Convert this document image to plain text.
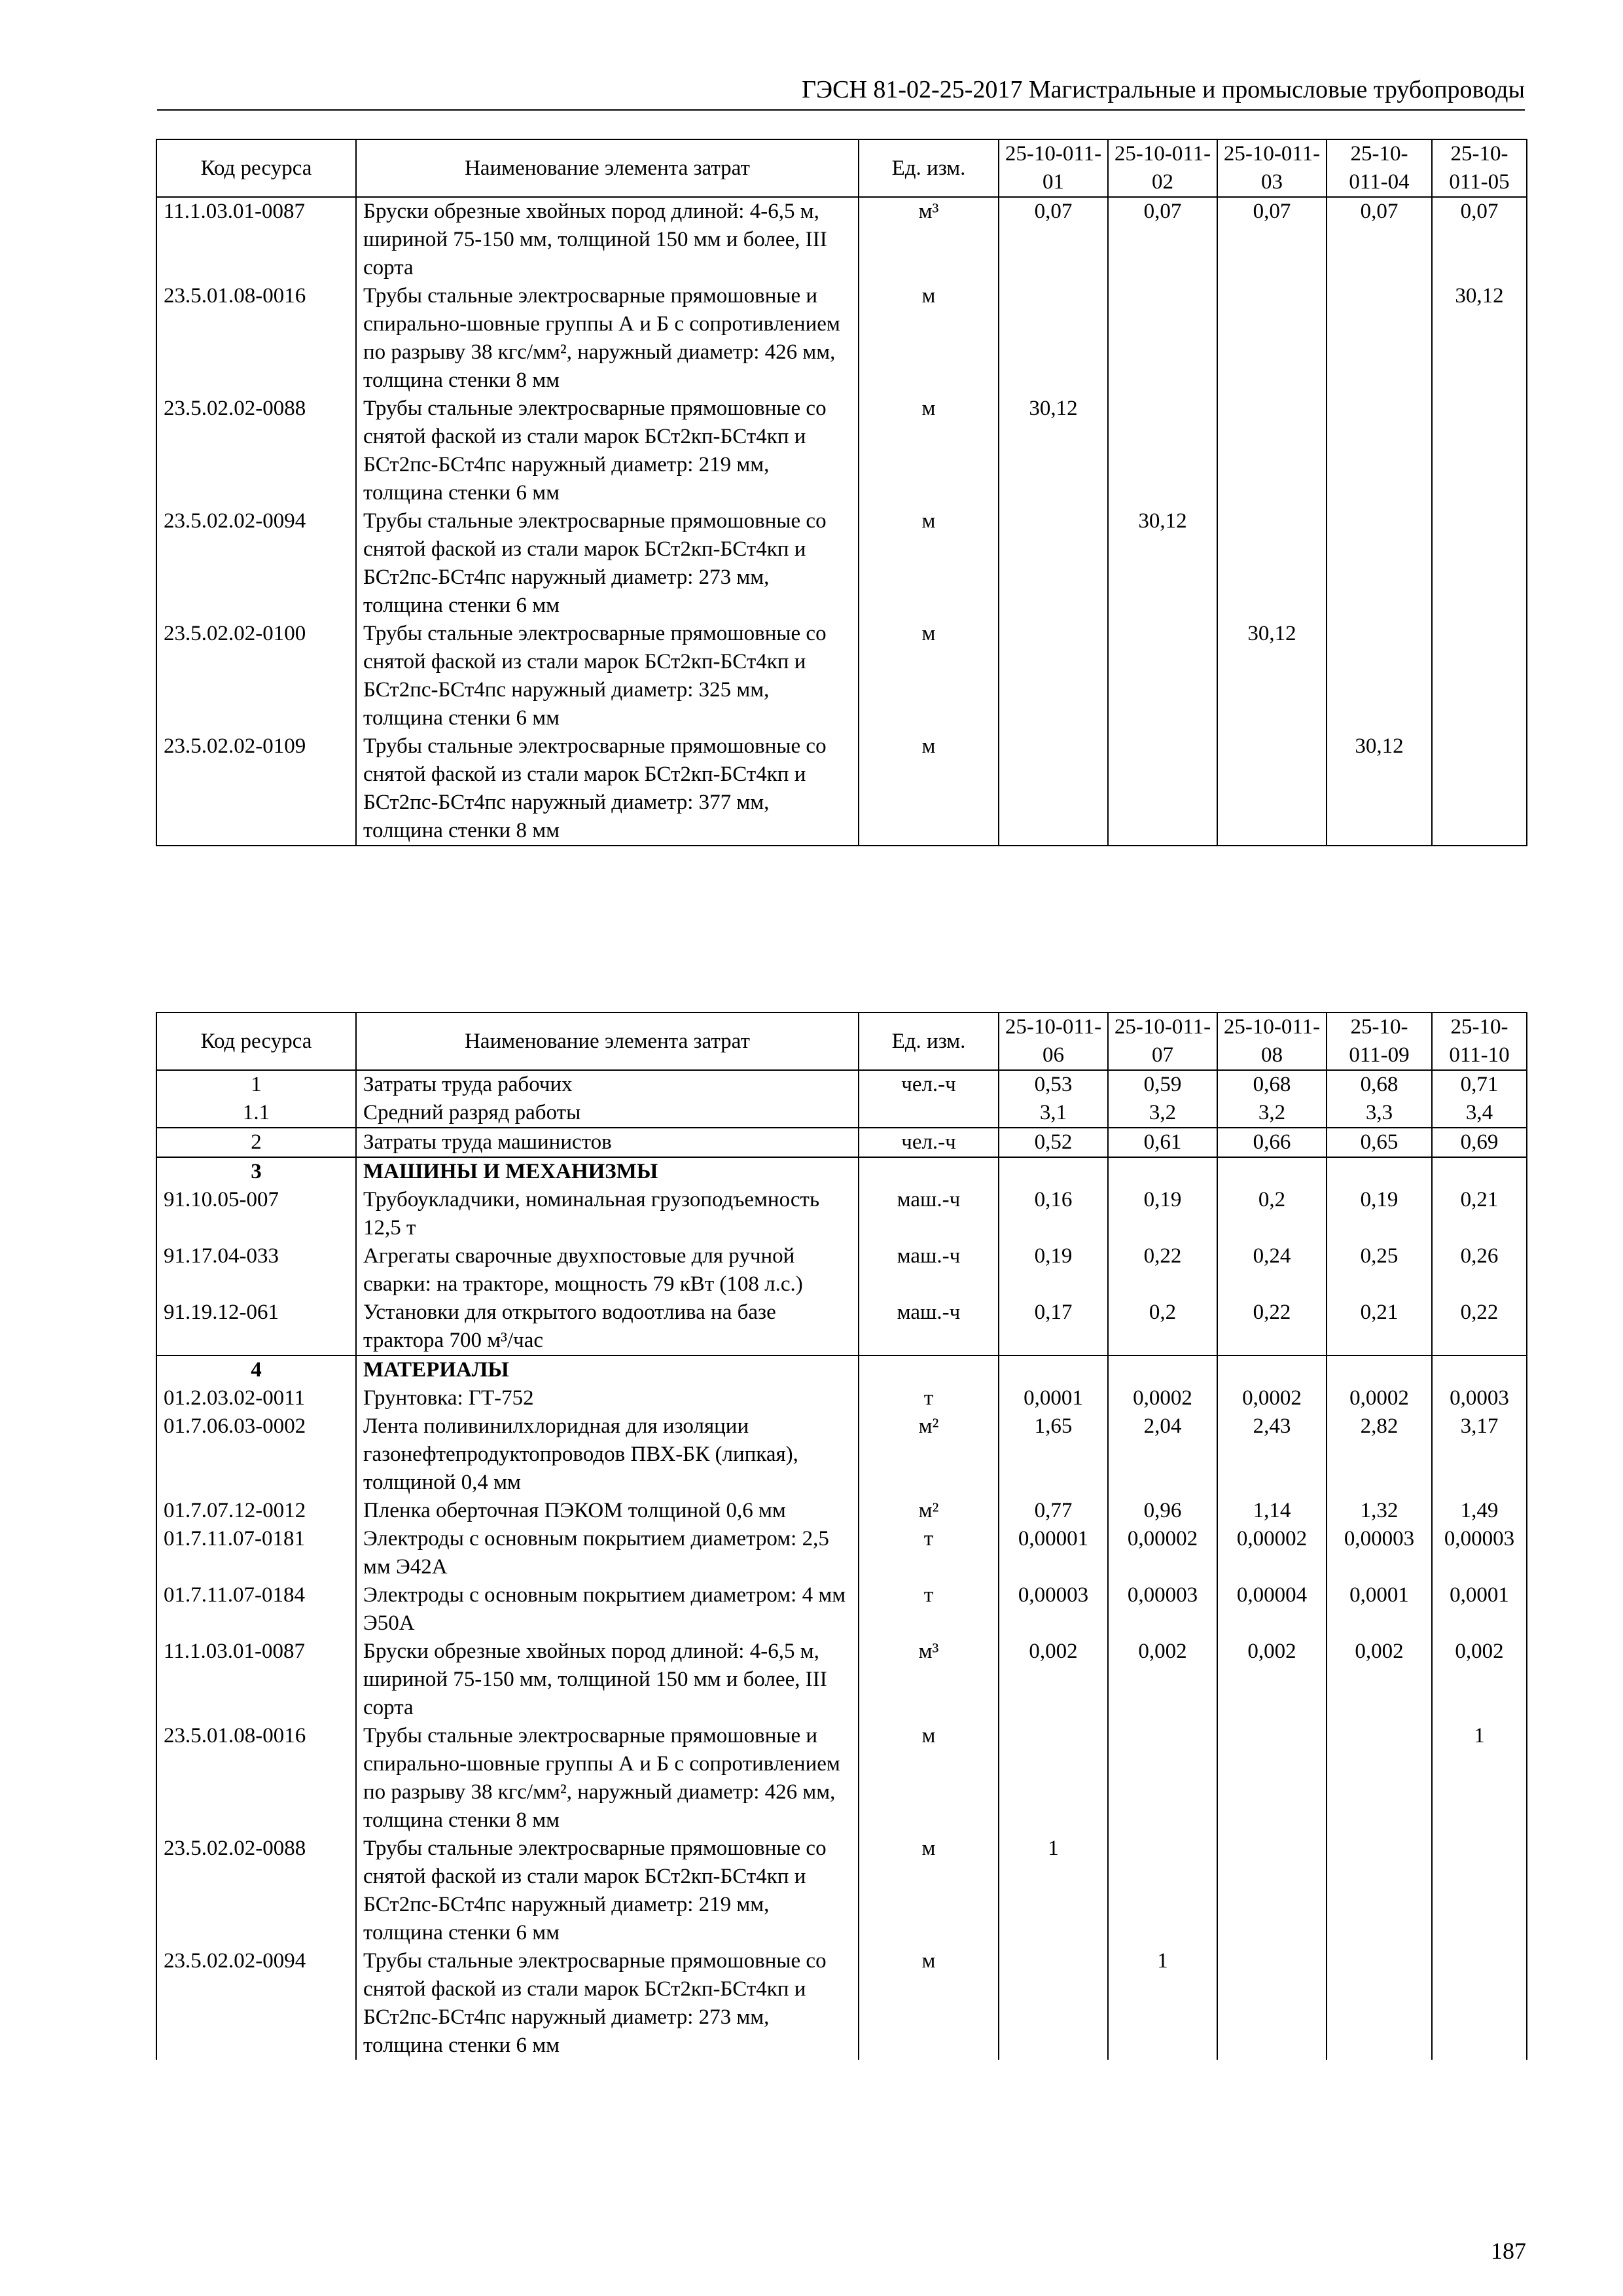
ГЭСН 81-02-25-2017 Магистральные и промысловые трубопроводы
Код ресурса	Наименование элемента затрат	Ед. изм.	25-10-011-01	25-10-011-02	25-10-011-03	25-10-011-04	25-10-011-05
11.1.03.01-0087	Бруски обрезные хвойных пород длиной: 4-6,5 м, шириной 75-150 мм, толщиной 150 мм и более, III сорта	м³	0,07	0,07	0,07	0,07	0,07
23.5.01.08-0016	Трубы стальные электросварные прямошовные и спирально-шовные группы А и Б с сопротивлением по разрыву 38 кгс/мм², наружный диаметр: 426 мм, толщина стенки 8 мм	м					30,12
23.5.02.02-0088	Трубы стальные электросварные прямошовные со снятой фаской из стали марок БСт2кп-БСт4кп и БСт2пс-БСт4пс наружный диаметр: 219 мм, толщина стенки 6 мм	м	30,12				
23.5.02.02-0094	Трубы стальные электросварные прямошовные со снятой фаской из стали марок БСт2кп-БСт4кп и БСт2пс-БСт4пс наружный диаметр: 273 мм, толщина стенки 6 мм	м		30,12			
23.5.02.02-0100	Трубы стальные электросварные прямошовные со снятой фаской из стали марок БСт2кп-БСт4кп и БСт2пс-БСт4пс наружный диаметр: 325 мм, толщина стенки 6 мм	м			30,12		
23.5.02.02-0109	Трубы стальные электросварные прямошовные со снятой фаской из стали марок БСт2кп-БСт4кп и БСт2пс-БСт4пс наружный диаметр: 377 мм, толщина стенки 8 мм	м				30,12	
Код ресурса	Наименование элемента затрат	Ед. изм.	25-10-011-06	25-10-011-07	25-10-011-08	25-10-011-09	25-10-011-10
1	Затраты труда рабочих	чел.-ч	0,53	0,59	0,68	0,68	0,71
1.1	Средний разряд работы		3,1	3,2	3,2	3,3	3,4
2	Затраты труда машинистов	чел.-ч	0,52	0,61	0,66	0,65	0,69
3	МАШИНЫ И МЕХАНИЗМЫ						
91.10.05-007	Трубоукладчики, номинальная грузоподъемность 12,5 т	маш.-ч	0,16	0,19	0,2	0,19	0,21
91.17.04-033	Агрегаты сварочные двухпостовые для ручной сварки: на тракторе, мощность 79 кВт (108 л.с.)	маш.-ч	0,19	0,22	0,24	0,25	0,26
91.19.12-061	Установки для открытого водоотлива на базе трактора 700 м³/час	маш.-ч	0,17	0,2	0,22	0,21	0,22
4	МАТЕРИАЛЫ						
01.2.03.02-0011	Грунтовка: ГТ-752	т	0,0001	0,0002	0,0002	0,0002	0,0003
01.7.06.03-0002	Лента поливинилхлоридная для изоляции газонефтепродуктопроводов ПВХ-БК (липкая), толщиной 0,4 мм	м²	1,65	2,04	2,43	2,82	3,17
01.7.07.12-0012	Пленка оберточная ПЭКОМ толщиной 0,6 мм	м²	0,77	0,96	1,14	1,32	1,49
01.7.11.07-0181	Электроды с основным покрытием диаметром: 2,5 мм Э42А	т	0,00001	0,00002	0,00002	0,00003	0,00003
01.7.11.07-0184	Электроды с основным покрытием диаметром: 4 мм Э50А	т	0,00003	0,00003	0,00004	0,0001	0,0001
11.1.03.01-0087	Бруски обрезные хвойных пород длиной: 4-6,5 м, шириной 75-150 мм, толщиной 150 мм и более, III сорта	м³	0,002	0,002	0,002	0,002	0,002
23.5.01.08-0016	Трубы стальные электросварные прямошовные и спирально-шовные группы А и Б с сопротивлением по разрыву 38 кгс/мм², наружный диаметр: 426 мм, толщина стенки 8 мм	м					1
23.5.02.02-0088	Трубы стальные электросварные прямошовные со снятой фаской из стали марок БСт2кп-БСт4кп и БСт2пс-БСт4пс наружный диаметр: 219 мм, толщина стенки 6 мм	м	1				
23.5.02.02-0094	Трубы стальные электросварные прямошовные со снятой фаской из стали марок БСт2кп-БСт4кп и БСт2пс-БСт4пс наружный диаметр: 273 мм, толщина стенки 6 мм	м		1			
187
